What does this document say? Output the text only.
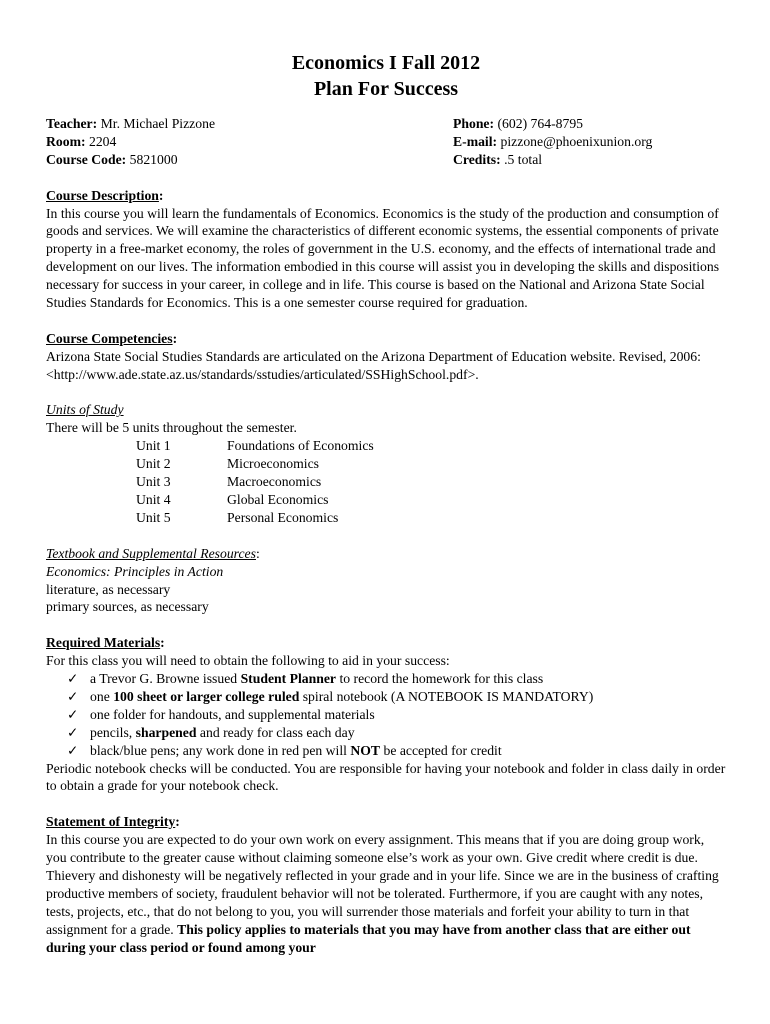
Economics I Fall 2012
Plan For Success
Teacher: Mr. Michael Pizzone
Room: 2204
Course Code: 5821000
Phone: (602) 764-8795
E-mail: pizzone@phoenixunion.org
Credits: .5 total
Course Description:

In this course you will learn the fundamentals of Economics. Economics is the study of the production and consumption of goods and services. We will examine the characteristics of different economic systems, the essential components of private property in a free-market economy, the roles of government in the U.S. economy, and the effects of international trade and development on our lives. The information embodied in this course will assist you in developing the skills and dispositions necessary for success in your career, in college and in life. This course is based on the National and Arizona State Social Studies Standards for Economics. This is a one semester course required for graduation.

Course Competencies:

Arizona State Social Studies Standards are articulated on the Arizona Department of Education website. Revised, 2006: <http://www.ade.state.az.us/standards/sstudies/articulated/SSHighSchool.pdf>.

Units of Study

There will be 5 units throughout the semester.

Unit 1	Foundations of Economics
Unit 2	Microeconomics
Unit 3	Macroeconomics
Unit 4	Global Economics
Unit 5	Personal Economics
Textbook and Supplemental Resources:
Economics: Principles in Action
literature, as necessary
primary sources, as necessary
Required Materials:

For this class you will need to obtain the following to aid in your success:

✓ a Trevor G. Browne issued Student Planner to record the homework for this class
✓ one 100 sheet or larger college ruled spiral notebook (A NOTEBOOK IS MANDATORY)
✓ one folder for handouts, and supplemental materials
✓ pencils, sharpened and ready for class each day
✓ black/blue pens; any work done in red pen will NOT be accepted for credit

Periodic notebook checks will be conducted. You are responsible for having your notebook and folder in class daily in order to obtain a grade for your notebook check.

Statement of Integrity:

In this course you are expected to do your own work on every assignment. This means that if you are doing group work, you contribute to the greater cause without claiming someone else’s work as your own. Give credit where credit is due. Thievery and dishonesty will be negatively reflected in your grade and in your life. Since we are in the business of crafting productive members of society, fraudulent behavior will not be tolerated. Furthermore, if you are caught with any notes, tests, projects, etc., that do not belong to you, you will surrender those materials and forfeit your ability to turn in that assignment for a grade. This policy applies to materials that you may have from another class that are either out during your class period or found among your
